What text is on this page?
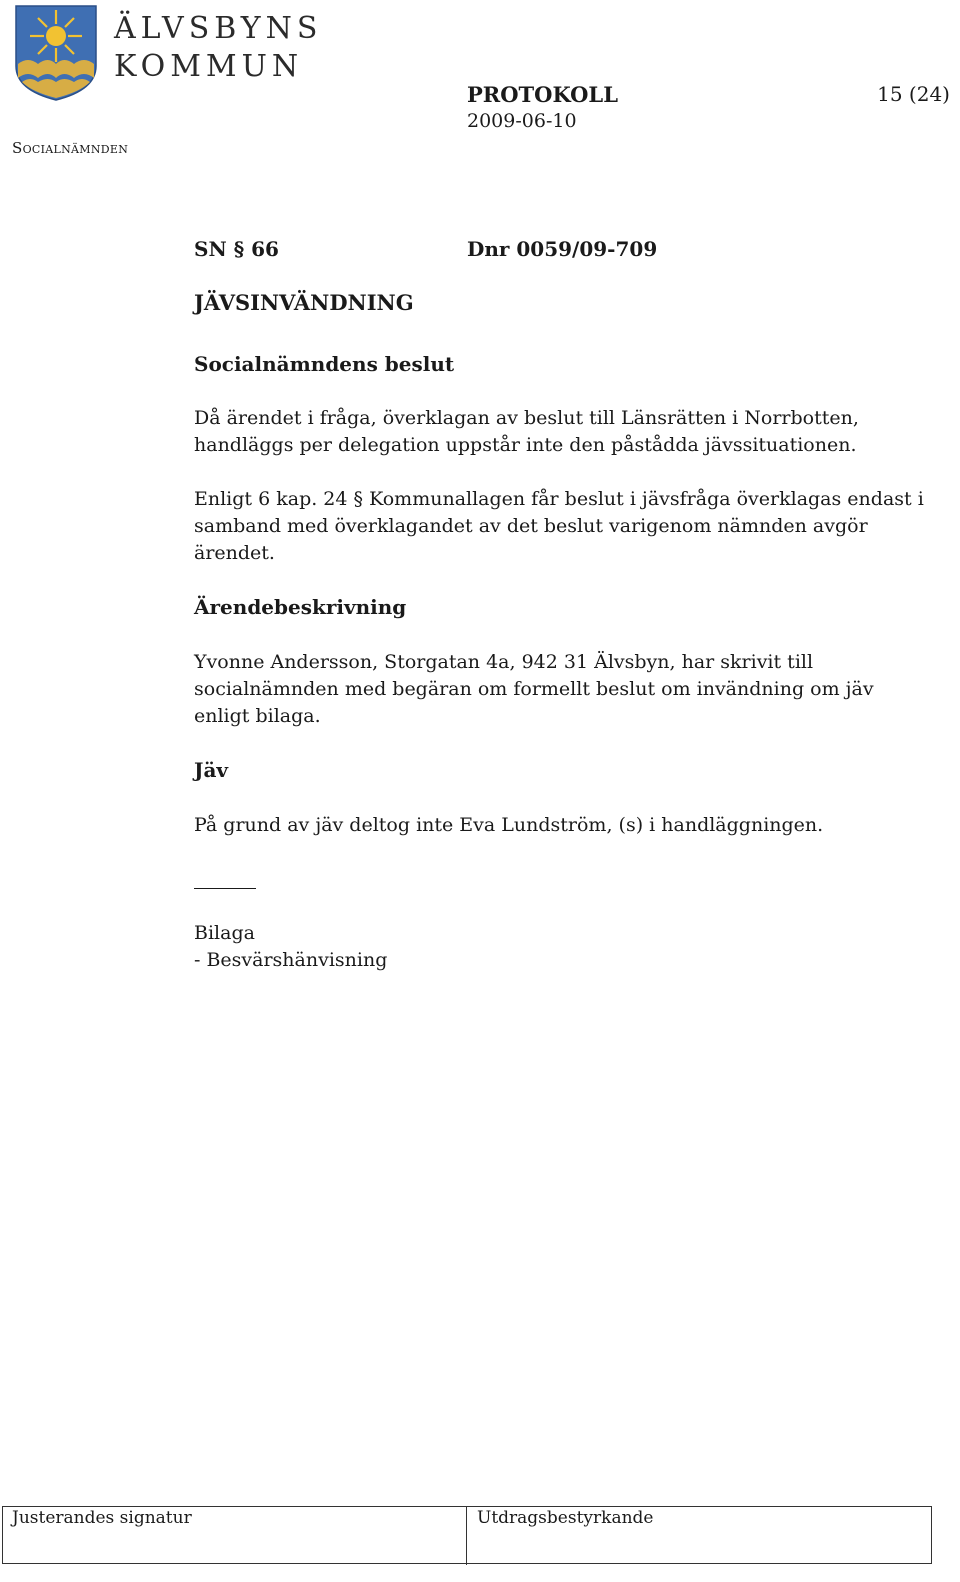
ÄLVSBYNS
KOMMUN
Socialnämnden
PROTOKOLL
2009-06-10
15 (24)
SN § 66	Dnr 0059/09-709
JÄVSINVÄNDNING
Socialnämndens beslut
Då ärendet i fråga, överklagan av beslut till Länsrätten i Norrbotten, handläggs per delegation uppstår inte den påstådda jävssituationen.
Enligt 6 kap. 24 § Kommunallagen får beslut i jävsfråga överklagas endast i samband med överklagandet av det beslut varigenom nämnden avgör ärendet.
Ärendebeskrivning
Yvonne Andersson, Storgatan 4a, 942 31 Älvsbyn, har skrivit till socialnämnden med begäran om formellt beslut om invändning om jäv enligt bilaga.
Jäv
På grund av jäv deltog inte Eva Lundström, (s) i handläggningen.
Bilaga
- Besvärshänvisning
Justerandes signatur	Utdragsbestyrkande
